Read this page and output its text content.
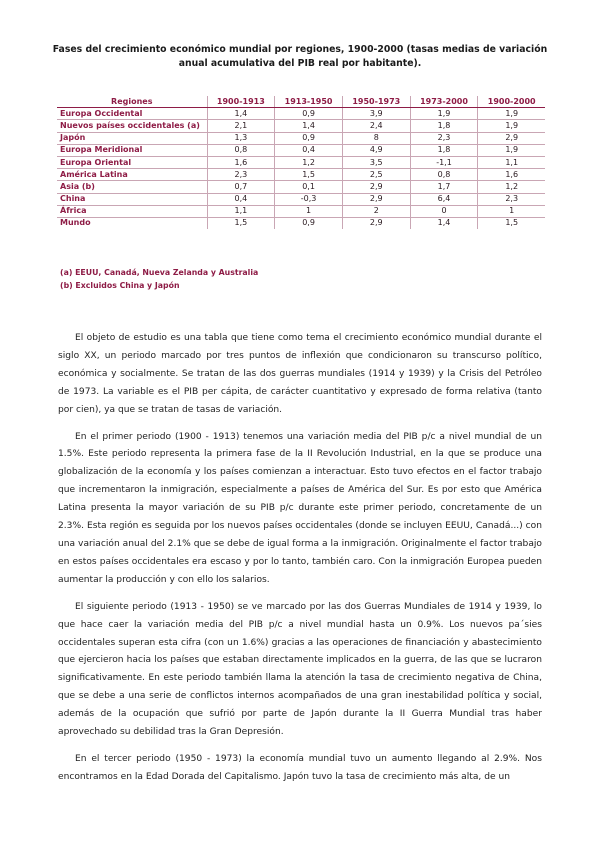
Fases del crecimiento económico mundial por regiones, 1900-2000 (tasas medias de variación anual acumulativa del PIB real por habitante).
Regiones	1900-1913	1913-1950	1950-1973	1973-2000	1900-2000
Europa Occidental	1,4	0,9	3,9	1,9	1,9
Nuevos países occidentales (a)	2,1	1,4	2,4	1,8	1,9
Japón	1,3	0,9	8	2,3	2,9
Europa Meridional	0,8	0,4	4,9	1,8	1,9
Europa Oriental	1,6	1,2	3,5	-1,1	1,1
América Latina	2,3	1,5	2,5	0,8	1,6
Asia (b)	0,7	0,1	2,9	1,7	1,2
China	0,4	-0,3	2,9	6,4	2,3
África	1,1	1	2	0	1
Mundo	1,5	0,9	2,9	1,4	1,5
(a) EEUU, Canadá, Nueva Zelanda y Australia
(b) Excluidos China y Japón

El objeto de estudio es una tabla que tiene como tema el crecimiento económico mundial durante el siglo XX, un periodo marcado por tres puntos de inflexión que condicionaron su transcurso político, económica y socialmente. Se tratan de las dos guerras mundiales (1914 y 1939) y la Crisis del Petróleo de 1973. La variable es el PIB per cápita, de carácter cuantitativo y expresado de forma relativa (tanto por cien), ya que se tratan de tasas de variación.

En el primer periodo (1900 - 1913) tenemos una variación media del PIB p/c a nivel mundial de un 1.5%. Este periodo representa la primera fase de la II Revolución Industrial, en la que se produce una globalización de la economía y los países comienzan a interactuar. Esto tuvo efectos en el factor trabajo que incrementaron la inmigración, especialmente a países de América del Sur. Es por esto que América Latina presenta la mayor variación de su PIB p/c durante este primer periodo, concretamente de un 2.3%. Esta región es seguida por los nuevos países occidentales (donde se incluyen EEUU, Canadá...) con una variación anual del 2.1% que se debe de igual forma a la inmigración. Originalmente el factor trabajo en estos países occidentales era escaso y por lo tanto, también caro. Con la inmigración Europea pueden aumentar la producción y con ello los salarios.

El siguiente periodo (1913 - 1950) se ve marcado por las dos Guerras Mundiales de 1914 y 1939, lo que hace caer la variación media del PIB p/c a nivel mundial hasta un 0.9%. Los nuevos pa´sies occidentales superan esta cifra (con un 1.6%) gracias a las operaciones de financiación y abastecimiento que ejercieron hacia los países que estaban directamente implicados en la guerra, de las que se lucraron significativamente. En este periodo también llama la atención la tasa de crecimiento negativa de China, que se debe a una serie de conflictos internos acompañados de una gran inestabilidad política y social, además de la ocupación que sufrió por parte de Japón durante la II Guerra Mundial tras haber aprovechado su debilidad tras la Gran Depresión.

En el tercer periodo (1950 - 1973) la economía mundial tuvo un aumento llegando al 2.9%. Nos encontramos en la Edad Dorada del Capitalismo. Japón tuvo la tasa de crecimiento más alta, de un
